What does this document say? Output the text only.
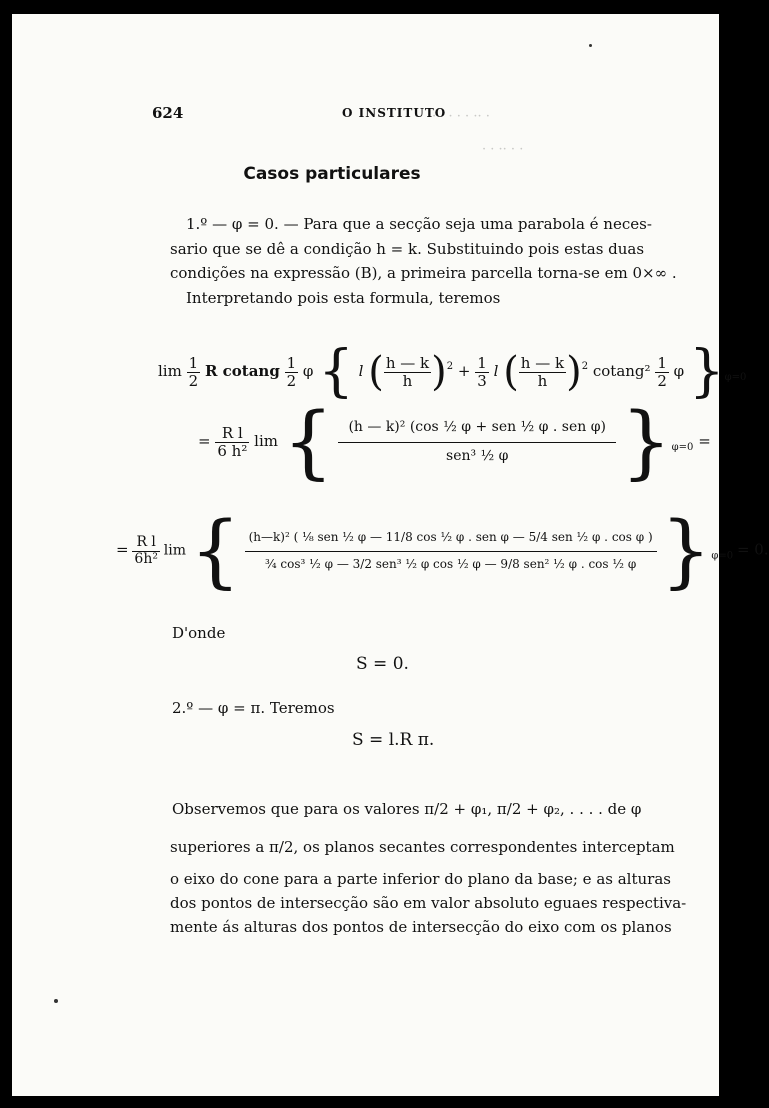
· · · · · ·· ·
· · ·· · ·
624	O INSTITUTO
Casos particulares
1.º — φ = 0. — Para que a secção seja uma parabola é neces-
sario que se dê a condição h = k. Substituindo pois estas duas
condições na expressão (B), a primeira parcella torna-se em 0×∞ .
Interpretando pois esta formula, teremos
$\lim \frac{1}{2}$ R cotang $\frac{1}{2}$ φ { l ( $\frac{h — k}{h} )^2 + \frac{1}{3}$ l ( $\frac{h — k}{h} )^2$ $cotang^2 \frac{1}{2}$ φ }$_{\varphi=0}$
= $\frac{\text{R l}}{\text{6 h²}}$ lim { $\frac{\text{(h — k)² (cos ½ φ + sen ½ φ . sen φ)}}{\text{sen³ ½ φ}} \}_{\varphi=0}$ =
= $\frac{\text{R l}}{\text{6h²}}$ lim { (h—k)² ( ⅛ sen ½ φ — 11/8 cos ½ φ . sen φ — 5/4 sen ½ φ . cos φ )
¾ cos³ ½ φ — 3/2 sen³ ½ φ cos ½ φ — 9/8 sen² ½ φ . cos ½ φ }$_{\varphi=0} = 0$.
D'onde
S = 0.
2.º — φ = π. Teremos
S = l.R π.
Observemos que para os valores π/2 + φ₁, π/2 + φ₂, . . . . de φ
superiores a π/2, os planos secantes correspondentes interceptam
o eixo do cone para a parte inferior do plano da base; e as alturas
dos pontos de intersecção são em valor absoluto eguaes respectiva-
mente ás alturas dos pontos de intersecção do eixo com os planos
